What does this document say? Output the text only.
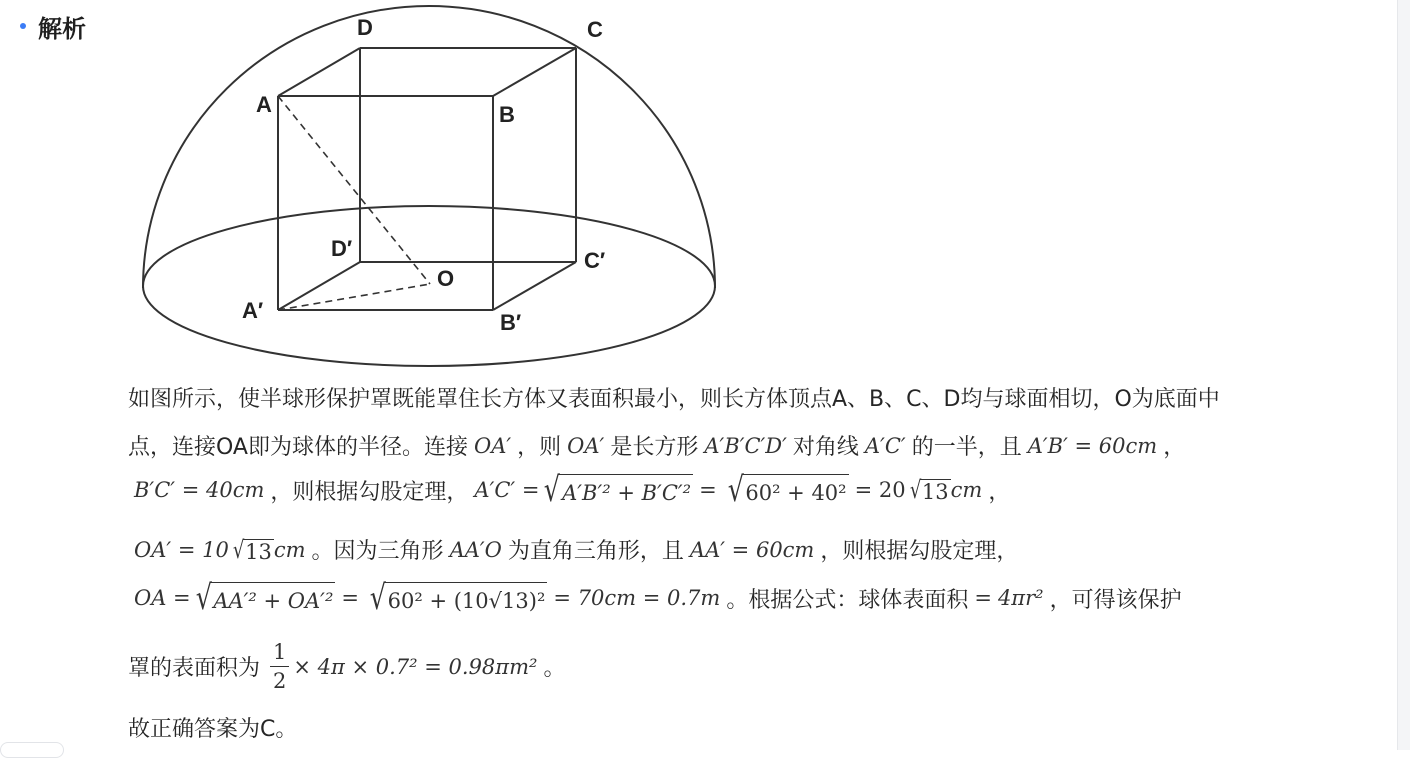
解析	D	C
A	B
D′	C′
O
A′	B′
如图所示，使半球形保护罩既能罩住长方体又表面积最小，则长方体顶点A、B、C、D均与球面相切，O为底面中
点，连接OA即为球体的半径。连接 OA′ ，则 OA′ 是长方形 A′B′C′D′ 对角线 A′C′ 的一半，且 A′B′ = 60cm ，
B′C′ = 40cm ，则根据勾股定理， A′C′ = √ A′B′² + B′C′² = √ 60² + 40² = 20 √ 13 cm ，
OA′ = 10 √ 13 cm 。因为三角形 AA′O 为直角三角形，且 AA′ = 60cm ，则根据勾股定理，
OA = √ AA′² + OA′² = √ 60² + (10√13)² = 70cm = 0.7m 。根据公式：球体表面积 = 4πr² ，可得该保护
罩的表面积为 $\frac{1}{2} \times 4\pi \times 0.7^2 = 0.98\pi m^2$ 。
故正确答案为C。
